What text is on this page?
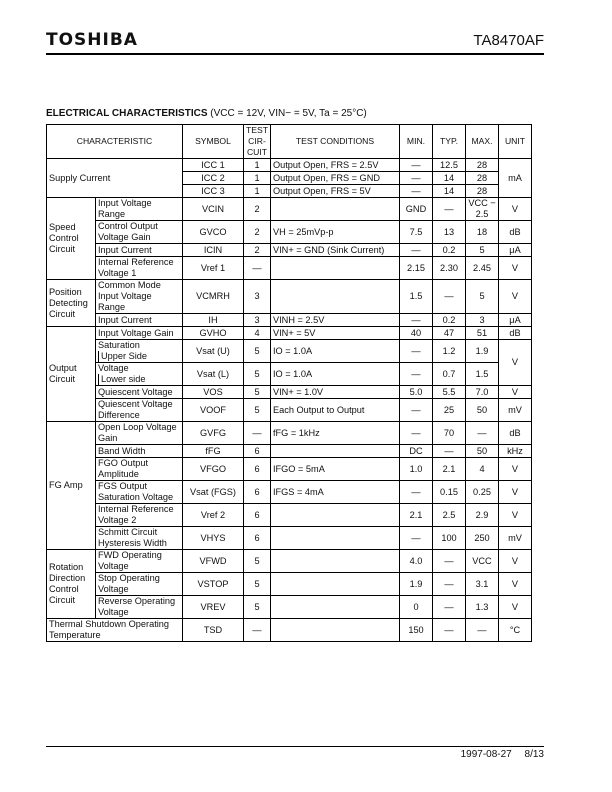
TOSHIBA	TA8470AF
ELECTRICAL CHARACTERISTICS (VCC = 12V, VIN− = 5V, Ta = 25°C)
CHARACTERISTIC		SYMBOL	TEST CIR-CUIT	TEST CONDITIONS	MIN.	TYP.	MAX.	UNIT
Supply Current		ICC 1	1	Output Open, FRS = 2.5V	—	12.5	28	mA
		ICC 2	1	Output Open, FRS = GND	—	14	28	
		ICC 3	1	Output Open, FRS = 5V	—	14	28	
Speed Control Circuit	Input Voltage Range	VCIN	2		GND	—	VCC − 2.5	V
	Control Output Voltage Gain	GVCO	2	VH = 25mVp-p	7.5	13	18	dB
	Input Current	ICIN	2	VIN+ = GND (Sink Current)	—	0.2	5	μA
	Internal Reference Voltage 1	Vref 1	—		2.15	2.30	2.45	V
Position Detecting Circuit	Common Mode Input Voltage Range	VCMRH	3		1.5	—	5	V
	Input Current	IH	3	VINH = 2.5V	—	0.2	3	μA
Output Circuit	Input Voltage Gain	GVHO	4	VIN+ = 5V	40	47	51	dB
	SaturationUpper Side	Vsat (U)	5	IO = 1.0A	—	1.2	1.9	V
	VoltageLower side	Vsat (L)	5	IO = 1.0A	—	0.7	1.5	
	Quiescent Voltage	VOS	5	VIN+ = 1.0V	5.0	5.5	7.0	V
	Quiescent Voltage Difference	VOOF	5	Each Output to Output	—	25	50	mV
FG Amp	Open Loop Voltage Gain	GVFG	—	fFG = 1kHz	—	70	—	dB
	Band Width	fFG	6		DC	—	50	kHz
	FGO Output Amplitude	VFGO	6	IFGO = 5mA	1.0	2.1	4	V
	FGS Output Saturation Voltage	Vsat (FGS)	6	IFGS = 4mA	—	0.15	0.25	V
	Internal Reference Voltage 2	Vref 2	6		2.1	2.5	2.9	V
	Schmitt Circuit Hysteresis Width	VHYS	6		—	100	250	mV
Rotation Direction Control Circuit	FWD Operating Voltage	VFWD	5		4.0	—	VCC	V
	Stop Operating Voltage	VSTOP	5		1.9	—	3.1	V
	Reverse Operating Voltage	VREV	5		0	—	1.3	V
Thermal Shutdown Operating Temperature		TSD	—		150	—	—	°C
1997-08-27 8/13
